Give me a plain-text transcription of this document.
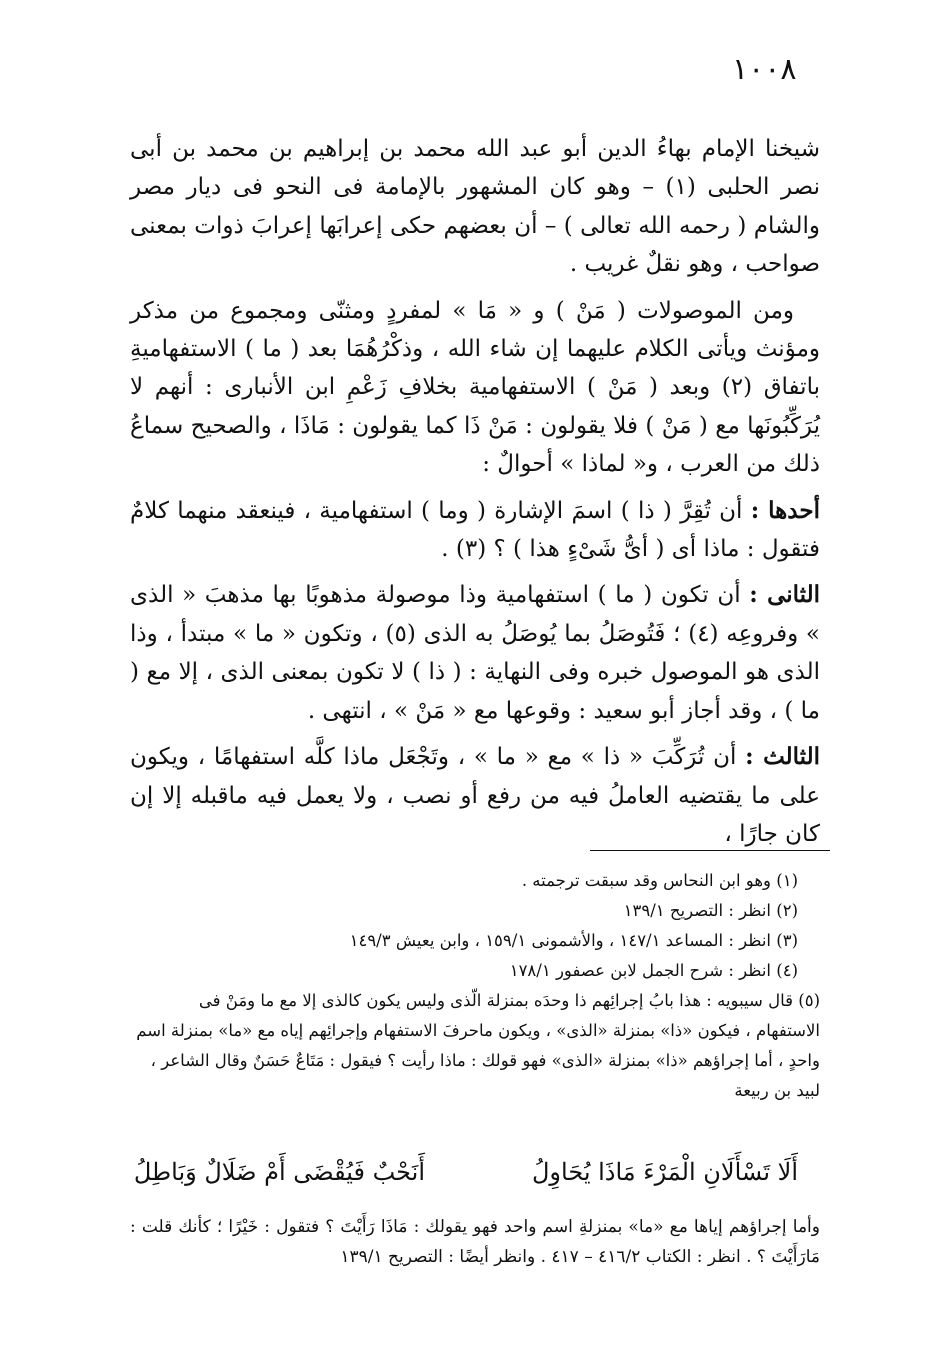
١٠٠٨

شيخنا الإمام بهاءُ الدين أبو عبد الله محمد بن إبراهيم بن محمد بن أبى نصر الحلبى (١) – وهو كان المشهور بالإمامة فى النحو فى ديار مصر والشام ( رحمه الله تعالى ) – أن بعضهم حكى إعرابَها إعرابَ ذوات بمعنى صواحب ، وهو نقلٌ غريب .

ومن الموصولات ( مَنْ ) و « مَا » لمفردٍ ومثنّى ومجموع من مذكر ومؤنث ويأتى الكلام عليهما إن شاء الله ، وذكْرُهُمَا بعد ( ما ) الاستفهاميةِ باتفاق (٢) وبعد ( مَنْ ) الاستفهامية بخلافِ زَعْمِ ابن الأنبارى : أنهم لا يُرَكِّبُونَها مع ( مَنْ ) فلا يقولون : مَنْ ذَا كما يقولون : مَاذَا ، والصحيح سماعُ ذلك من العرب ، و« لماذا » أحوالٌ :

أحدها : أن تُقِرَّ ( ذا ) اسمَ الإشارة ( وما ) استفهامية ، فينعقد منهما كلامٌ فتقول : ماذا أى ( أىُّ شَىْءٍ هذا ) ؟ (٣) .

الثانى : أن تكون ( ما ) استفهامية وذا موصولة مذهوبًا بها مذهبَ « الذى » وفروعِه (٤) ؛ فَتُوصَلُ بما يُوصَلُ به الذى (٥) ، وتكون « ما » مبتدأ ، وذا الذى هو الموصول خبره وفى النهاية : ( ذا ) لا تكون بمعنى الذى ، إلا مع ( ما ) ، وقد أجاز أبو سعيد : وقوعها مع « مَنْ » ، انتهى .

الثالث : أن تُرَكِّبَ « ذا » مع « ما » ، وتَجْعَل ماذا كلَّه استفهامًا ، ويكون على ما يقتضيه العاملُ فيه من رفع أو نصب ، ولا يعمل فيه ماقبله إلا إن كان جارًا ،

(١) وهو ابن النحاس وقد سبقت ترجمته .

(٢) انظر : التصريح ١٣٩/١

(٣) انظر : المساعد ١٤٧/١ ، والأشمونى ١٥٩/١ ، وابن يعيش ١٤٩/٣

(٤) انظر : شرح الجمل لابن عصفور ١٧٨/١

(٥) قال سيبويه : هذا بابُ إجرائِهم ذا وحدَه بمنزلة الّذى وليس يكون كالذى إلا مع ما ومَنْ فى الاستفهام ، فيكون «ذا» بمنزلة «الذى» ، ويكون ماحرفَ الاستفهام وإجرائِهم إياه مع «ما» بمنزلة اسم واحدٍ ، أما إجراؤهم «ذا» بمنزلة «الذى» فهو قولك : ماذا رأيت ؟ فيقول : مَتَاعٌ حَسَنٌ وقال الشاعر ، لبيد بن ربيعة

أَلَا تَسْأَلَانِ الْمَرْءَ مَاذَا يُحَاوِلُ
أَنَحْبٌ فَيُقْضَى أَمْ ضَلَالٌ وَبَاطِلُ

وأما إجراؤهم إياها مع «ما» بمنزلةِ اسم واحد فهو يقولك : مَاذَا رَأَيْتَ ؟ فتقول : خَيْرًا ؛ كأنك قلت : مَارَأَيْتَ ؟ . انظر : الكتاب ٤١٦/٢ – ٤١٧ . وانظر أيضًا : التصريح ١٣٩/١
